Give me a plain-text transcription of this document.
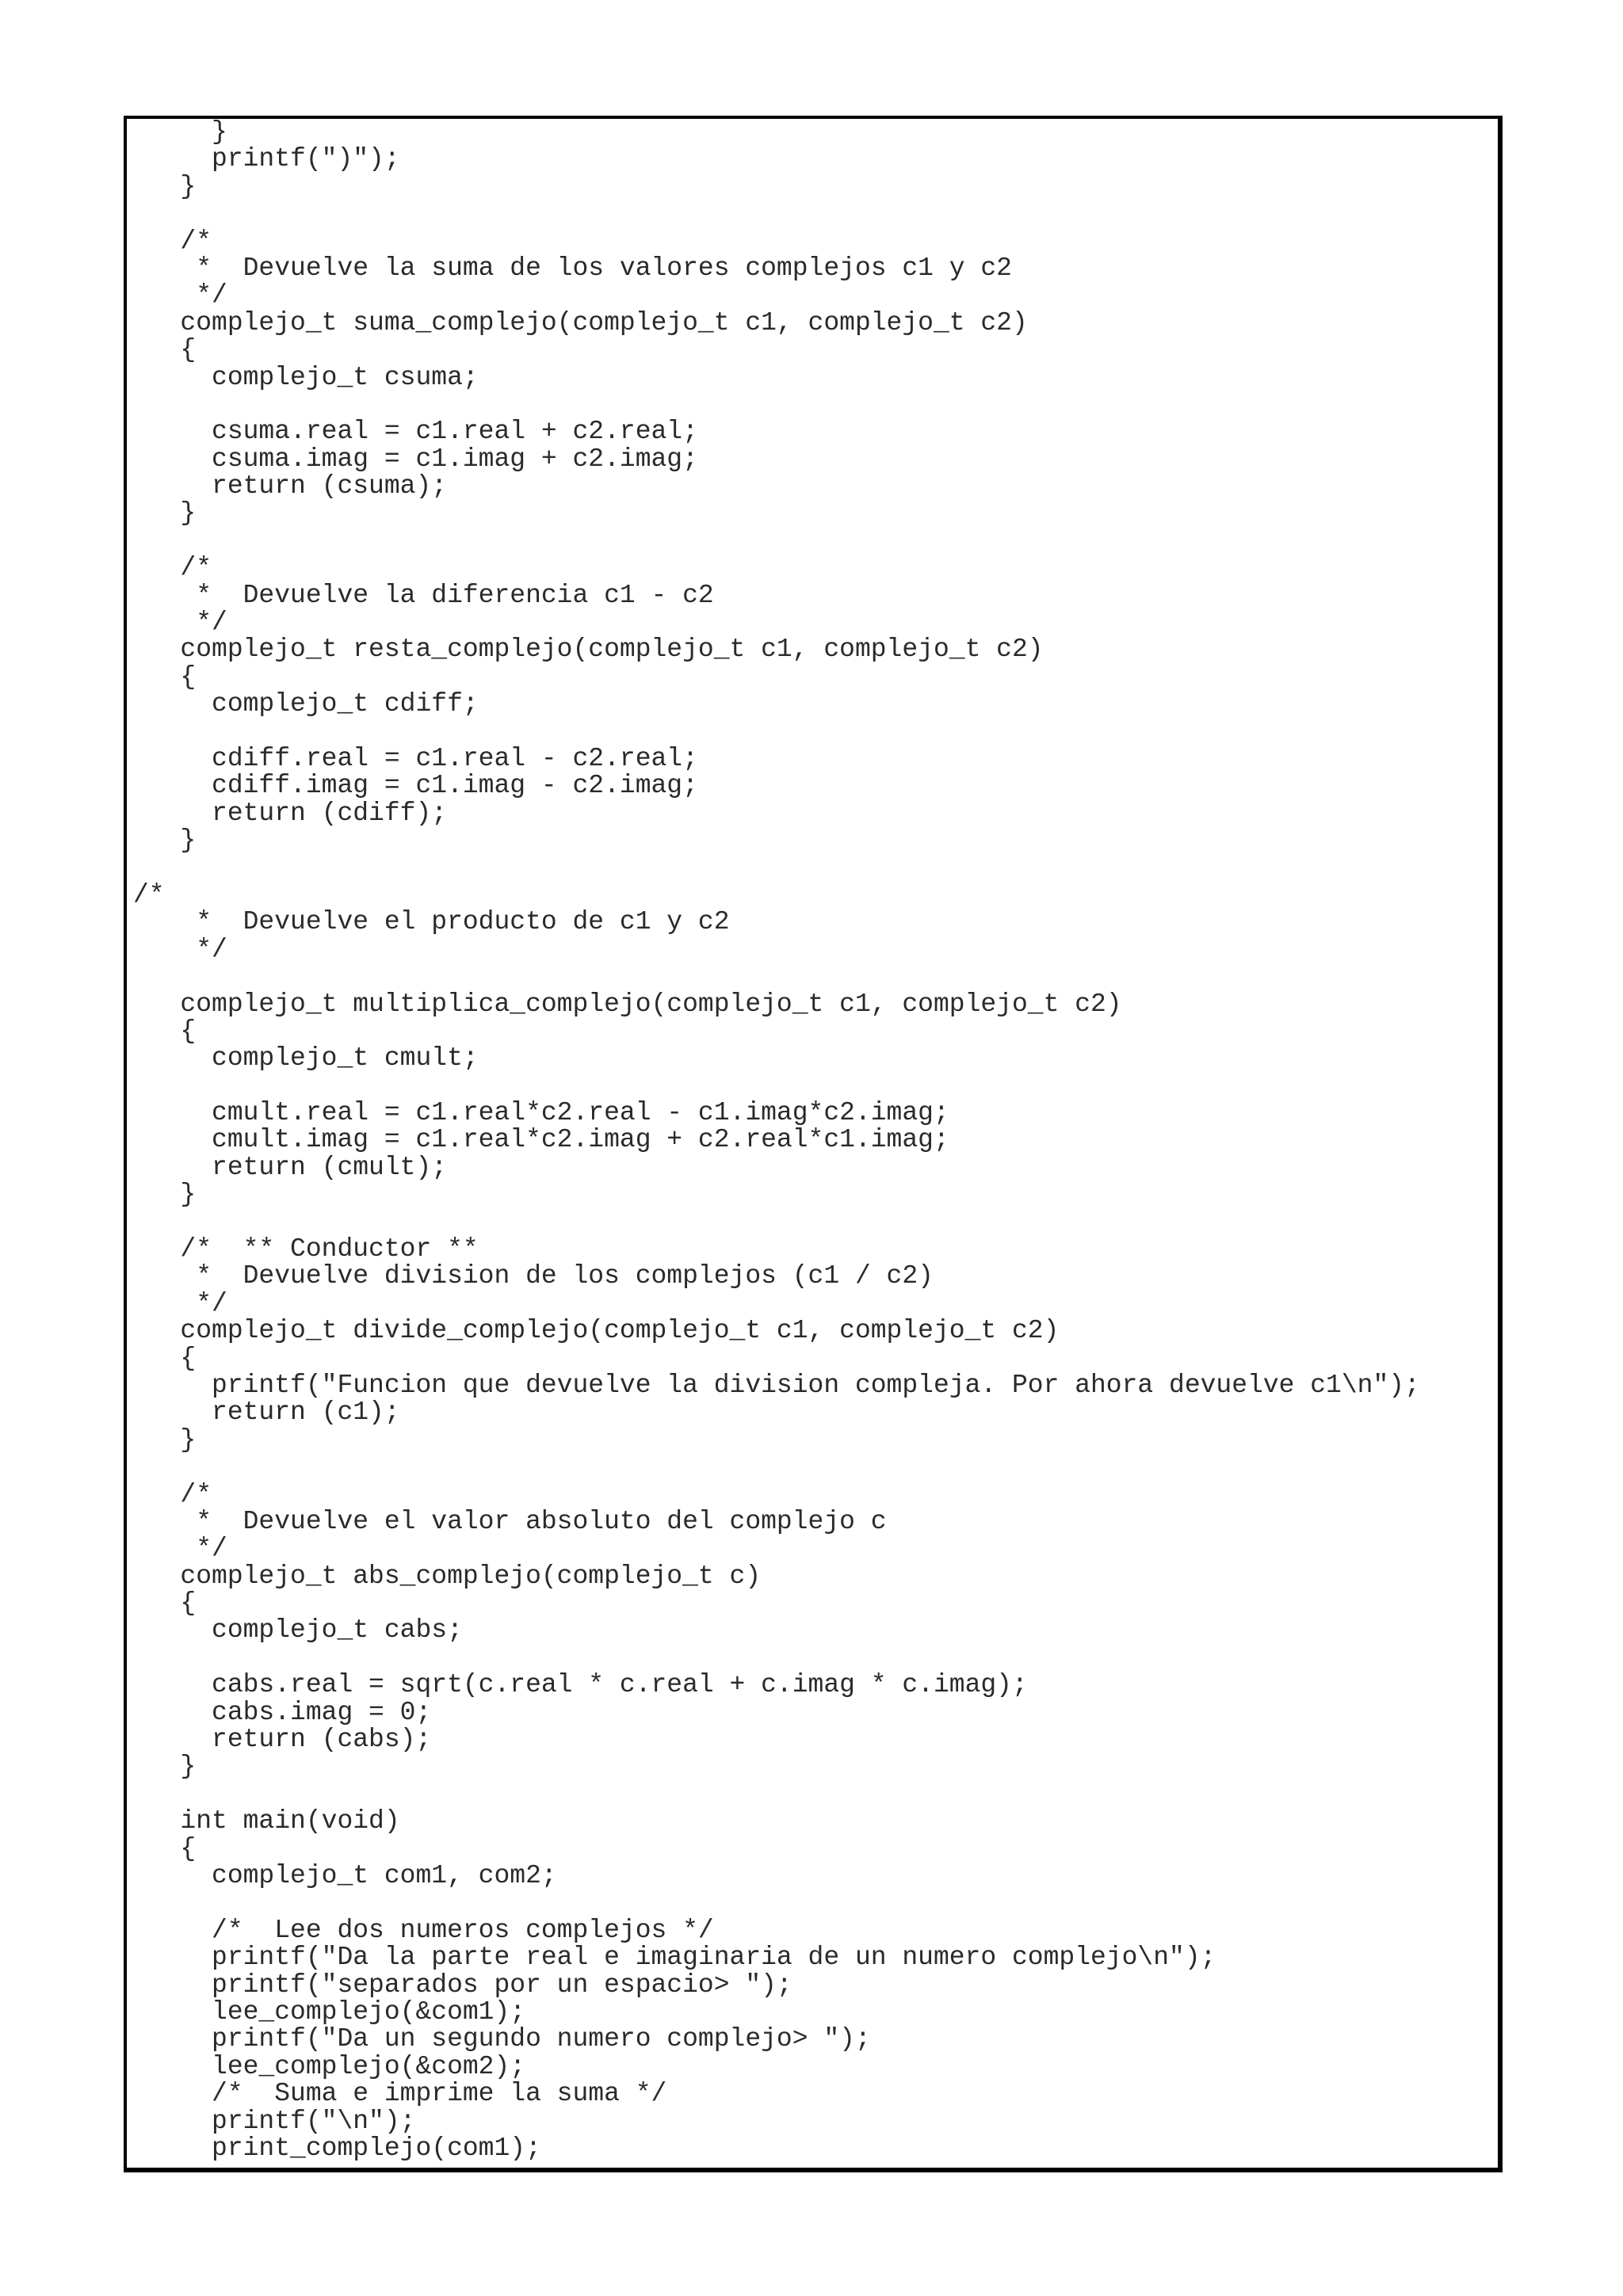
}
printf(")");
}
/*
*  Devuelve la suma de los valores complejos c1 y c2
*/
complejo_t suma_complejo(complejo_t c1, complejo_t c2)
{
complejo_t csuma;
csuma.real = c1.real + c2.real;
csuma.imag = c1.imag + c2.imag;
return (csuma);
}
/*
*  Devuelve la diferencia c1 - c2
*/
complejo_t resta_complejo(complejo_t c1, complejo_t c2)
{
complejo_t cdiff;
cdiff.real = c1.real - c2.real;
cdiff.imag = c1.imag - c2.imag;
return (cdiff);
}
/*
*  Devuelve el producto de c1 y c2
*/
complejo_t multiplica_complejo(complejo_t c1, complejo_t c2)
{
complejo_t cmult;
cmult.real = c1.real*c2.real - c1.imag*c2.imag;
cmult.imag = c1.real*c2.imag + c2.real*c1.imag;
return (cmult);
}
/*  ** Conductor **
*  Devuelve division de los complejos (c1 / c2)
*/
complejo_t divide_complejo(complejo_t c1, complejo_t c2)
{
printf("Funcion que devuelve la division compleja. Por ahora devuelve c1\n");
return (c1);
}
/*
*  Devuelve el valor absoluto del complejo c
*/
complejo_t abs_complejo(complejo_t c)
{
complejo_t cabs;
cabs.real = sqrt(c.real * c.real + c.imag * c.imag);
cabs.imag = 0;
return (cabs);
}
int main(void)
{
complejo_t com1, com2;
/*  Lee dos numeros complejos */
printf("Da la parte real e imaginaria de un numero complejo\n");
printf("separados por un espacio> ");
lee_complejo(&com1);
printf("Da un segundo numero complejo> ");
lee_complejo(&com2);
/*  Suma e imprime la suma */
printf("\n");
print_complejo(com1);
